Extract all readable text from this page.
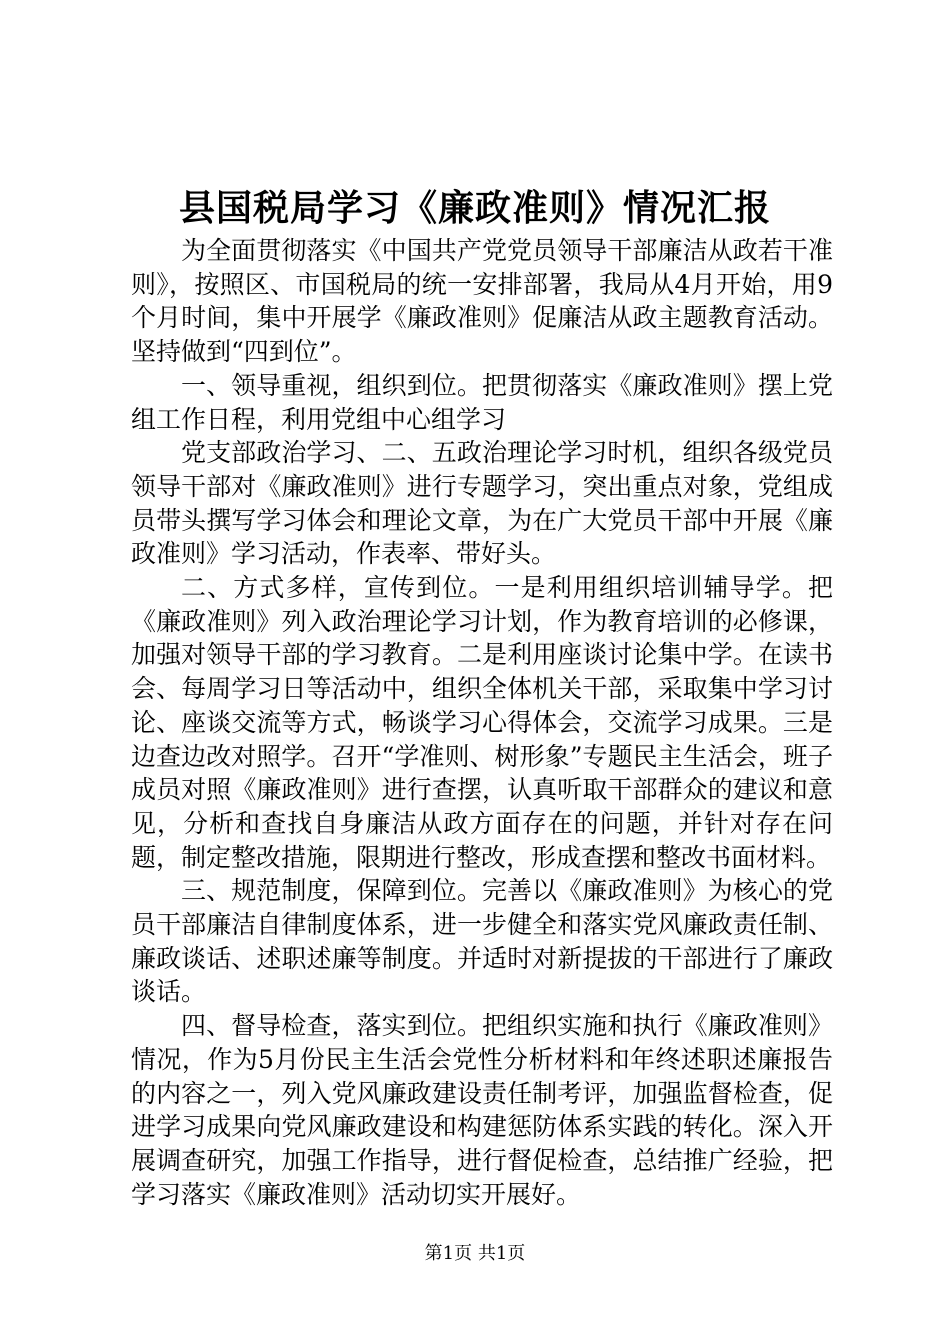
县国税局学习《廉政准则》情况汇报

为全面贯彻落实《中国共产党党员领导干部廉洁从政若干准则》，按照区、市国税局的统一安排部署，我局从4月开始，用9个月时间，集中开展学《廉政准则》促廉洁从政主题教育活动。坚持做到“四到位”。

一、领导重视，组织到位。把贯彻落实《廉政准则》摆上党组工作日程，利用党组中心组学习

党支部政治学习、二、五政治理论学习时机，组织各级党员领导干部对《廉政准则》进行专题学习，突出重点对象，党组成员带头撰写学习体会和理论文章，为在广大党员干部中开展《廉政准则》学习活动，作表率、带好头。

二、方式多样，宣传到位。一是利用组织培训辅导学。把《廉政准则》列入政治理论学习计划，作为教育培训的必修课，加强对领导干部的学习教育。二是利用座谈讨论集中学。在读书会、每周学习日等活动中，组织全体机关干部，采取集中学习讨论、座谈交流等方式，畅谈学习心得体会，交流学习成果。三是边查边改对照学。召开“学准则、树形象”专题民主生活会，班子成员对照《廉政准则》进行查摆，认真听取干部群众的建议和意见，分析和查找自身廉洁从政方面存在的问题，并针对存在问题，制定整改措施，限期进行整改，形成查摆和整改书面材料。

三、规范制度，保障到位。完善以《廉政准则》为核心的党员干部廉洁自律制度体系，进一步健全和落实党风廉政责任制、廉政谈话、述职述廉等制度。并适时对新提拔的干部进行了廉政谈话。

四、督导检查，落实到位。把组织实施和执行《廉政准则》情况，作为5月份民主生活会党性分析材料和年终述职述廉报告的内容之一，列入党风廉政建设责任制考评，加强监督检查，促进学习成果向党风廉政建设和构建惩防体系实践的转化。深入开展调查研究，加强工作指导，进行督促检查，总结推广经验，把学习落实《廉政准则》活动切实开展好。

第1页 共1页
